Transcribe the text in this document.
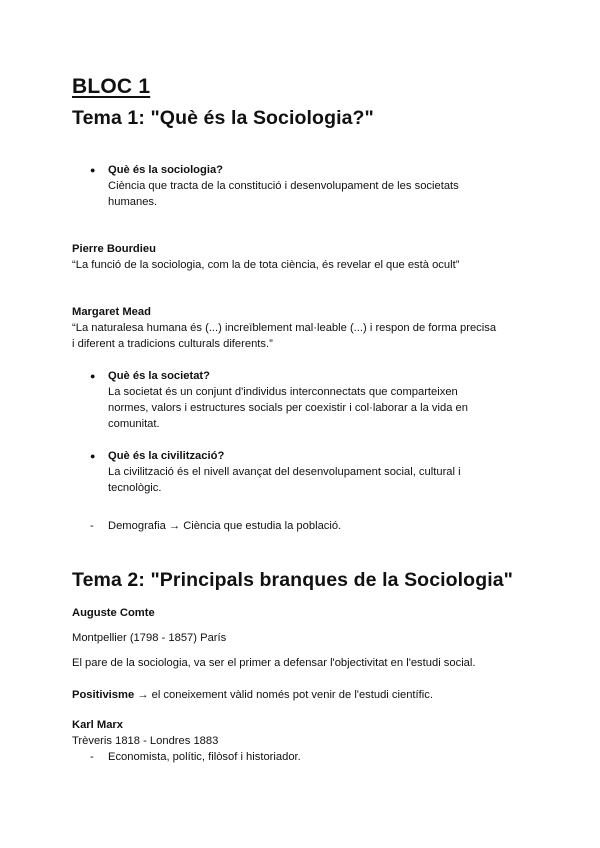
BLOC 1
Tema 1: "Què és la Sociologia?"
● Què és la sociologia?
Ciència que tracta de la constitució i desenvolupament de les societats
humanes.
Pierre Bourdieu
“La funció de la sociologia, com la de tota ciència, és revelar el que està ocult”
Margaret Mead
“La naturalesa humana és (...) increïblement mal·leable (...) i respon de forma precisa
i diferent a tradicions culturals diferents.”
● Què és la societat?
La societat és un conjunt d'individus interconnectats que comparteixen
normes, valors i estructures socials per coexistir i col·laborar a la vida en
comunitat.
● Què és la civilització?
La civilització és el nivell avançat del desenvolupament social, cultural i
tecnològic.
- Demografia → Ciència que estudia la població.
Tema 2: "Principals branques de la Sociologia"
Auguste Comte
Montpellier (1798 - 1857) París
El pare de la sociologia, va ser el primer a defensar l'objectivitat en l'estudi social.
Positivisme → el coneixement vàlid només pot venir de l'estudi científic.
Karl Marx
Trèveris 1818 - Londres 1883
- Economista, polític, filòsof i historiador.
